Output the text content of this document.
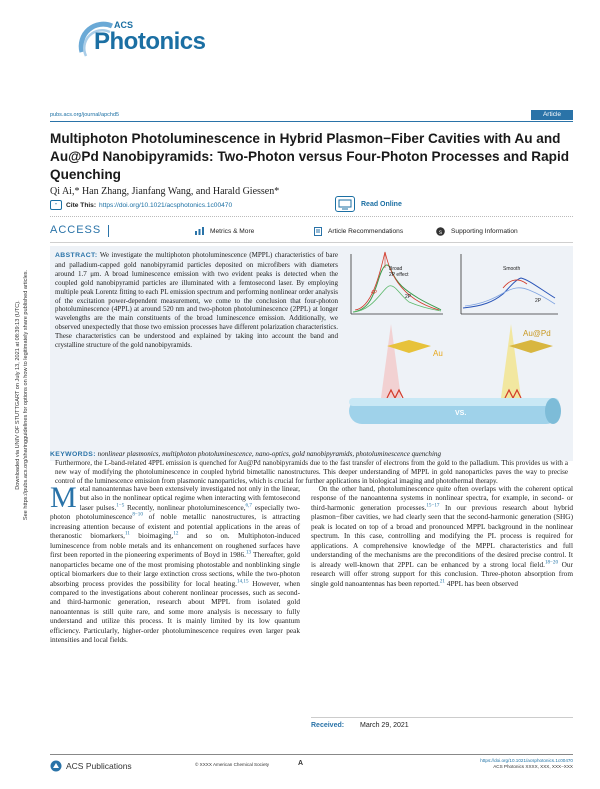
Downloaded via UNIV OF STUTTGART on July 13, 2021 at 08:39:13 (UTC). See https://pubs.acs.org/sharingguidelines for options on how to legitimately share published articles.
ACS
Photonics
pubs.acs.org/journal/apchd5	Article
Multiphoton Photoluminescence in Hybrid Plasmon−Fiber Cavities with Au and Au@Pd Nanobipyramids: Two-Photon versus Four-Photon Processes and Rapid Quenching
Qi Ai,* Han Zhang, Jianfang Wang, and Harald Giessen*
” Cite This: https://doi.org/10.1021/acsphotonics.1c00470	Read Online
ACCESS	Metrics & More	Article Recommendations	s Supporting Information
ABSTRACT: We investigate the multiphoton photoluminescence (MPPL) characteristics of bare and palladium-capped gold nanobipyramid particles deposited on microfibers with diameters around 1.7 μm. A broad luminescence emission with two evident peaks is detected when the coupled gold nanobipyramid particles are illuminated with a femtosecond laser. By employing multiple peak Lorentz fitting to each PL emission spectrum and performing nonlinear order analysis of the excitation power-dependent measurement, we come to the conclusion that four-photon photoluminescence (4PPL) at around 520 nm and two-photon photoluminescence (2PPL) at longer wavelengths are the main constituents of the broad luminescence emission. Additionally, we observed unexpectedly that those two emission processes have different polarization characteristics. These characteristics can be understood and explained by taking into account the band and crystalline structure of the gold nanobipyramids.
Broad
2P effect
4P
2P
Smooth
2P
Au
Au@Pd
VS.
Furthermore, the L-band-related 4PPL emission is quenched for Au@Pd nanobipyramids due to the fast transfer of electrons from the gold to the palladium. This provides us with a new way of modifying the photoluminescence in coupled hybrid bimetallic nanostructures. This deeper understanding of MPPL in gold nanoparticles paves the way to precise control of the luminescence emission from plasmonic nanoparticles, which is crucial for further applications in biological imaging and photothermal therapy.
KEYWORDS: nonlinear plasmonics, multiphoton photoluminescence, nano-optics, gold nanobipyramids, photoluminescence quenching
Metal nanoantennas have been extensively investigated not only in the linear, but also in the nonlinear optical regime when interacting with femtosecond laser pulses.$^{1-5}$ Recently, nonlinear photoluminescence,$^{6,7}$ especially two-photon photoluminescence$^{8-10}$ of noble metallic nanostructures, is attracting increasing attention because of existent and potential applications in the areas of theranostic biomarkers,$^{11}$ bioimaging,$^{12}$ and so on. Multiphoton-induced luminescence from noble metals and its enhancement on roughened surfaces have first been reported in the pioneering experiments of Boyd in 1986.13 Thereafter, gold nanoparticles became one of the most promising photostable and nonblinking single optical biomarkers due to their large extinction cross sections, while the two-photon absorbing process provides the possibility for local heating.$^{14,15}$ However, when compared to the investigations about coherent nonlinear processes, such as second- and third-harmonic generation, research about MPPL from isolated gold nanoantennas is still quite rare, and some more analysis is necessary to fully understand and utilize this process. It is mainly limited by its low quantum efficiency. Particularly, higher-order photoluminescence requires even larger peak intensities and local fields.
On the other hand, photoluminescence quite often overlaps with the coherent optical response of the nanoantenna systems in nonlinear spectra, for example, in second- or third-harmonic generation processes.$^{15-17}$ In our previous research about hybrid plasmon−fiber cavities, we had clearly seen that the second-harmonic generation (SHG) peak is located on top of a broad and pronounced MPPL background in the nonlinear spectrum. In this case, controlling and modifying the PL process is required for applications. A comprehensive knowledge of the MPPL characteristics and full understanding of the mechanisms are the preconditions of the desired precise control. It is already well-known that 2PPL can be enhanced by a strong local field.$^{18-20}$ Our research will offer strong support for this conclusion. Three-photon absorption from single gold nanoantennas has been reported.$^{21}$ 4PPL has been observed
Received: March 29, 2021
ACS Publications	© XXXX American Chemical Society	A	https://doi.org/10.1021/acsphotonics.1c00470
ACS Photonics XXXX, XXX, XXX−XXX
